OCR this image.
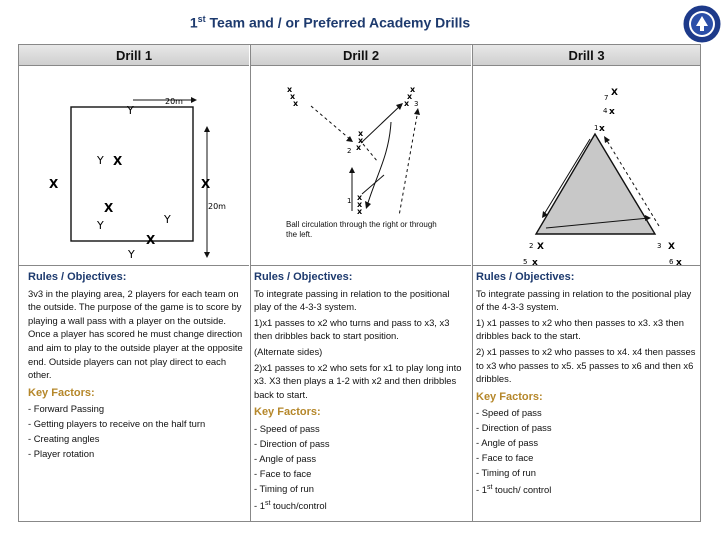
1st Team and / or Preferred Academy Drills
Drill 1
20m
20m
Y
Y X
X	X
X
Y	Y
X
Y
Rules / Objectives:
3v3 in the playing area, 2 players for each team on the outside. The purpose of the game is to score by playing a wall pass with a player on the outside. Once a player has scored he must change direction and aim to play to the outside player at the opposite end. Outside players can not play direct to each other.
Key Factors:
- Forward Passing
- Getting players to receive on the half turn
- Creating angles
- Player rotation
Drill 2
x
x
x
x
x
x 3
x
x
x
2
x
x
x
1
Ball circulation through the right or through the left.
Rules / Objectives:
To integrate passing in relation to the positional play of the 4-3-3 system.
1)x1 passes to x2 who turns and pass to x3, x3 then dribbles back to start position.
(Alternate sides)
2)x1 passes to x2 who sets for x1 to play long into x3. X3 then plays a 1-2 with x2 and then dribbles back to start.
Key Factors:
- Speed of pass
- Direction of pass
- Angle of pass
- Face to face
- Timing of run
- 1st touch/control
Drill 3
7 X
4 x
1 x
2 X	3 X
5 x	6 x
Rules / Objectives:
To integrate passing in relation to the positional play of the 4-3-3 system.
1) x1 passes to x2 who then passes to x3. x3 then dribbles back to the start.
2) x1 passes to x2 who passes to x4. x4 then passes to x3 who passes to x5. x5 passes to x6 and then x6 dribbles.
Key Factors:
- Speed of pass
- Direction of pass
- Angle of pass
- Face to face
- Timing of run
- 1st touch/ control
